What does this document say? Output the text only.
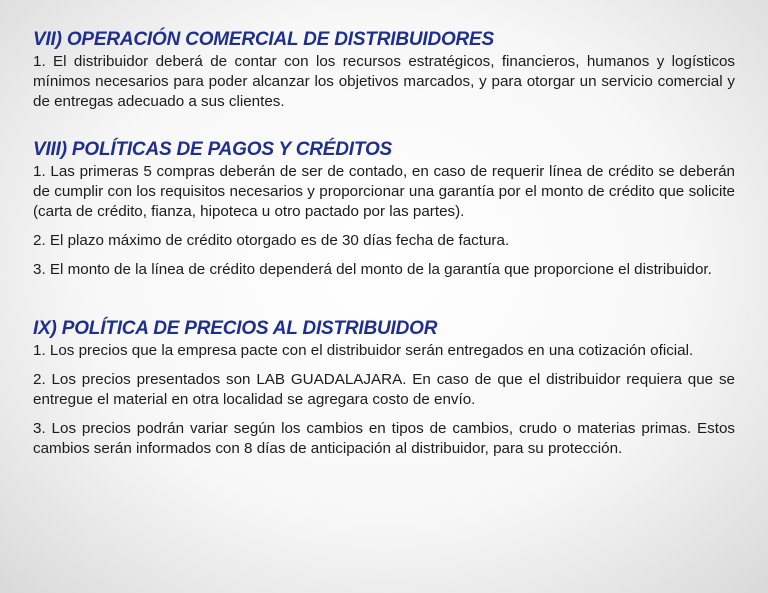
VII) OPERACIÓN COMERCIAL DE DISTRIBUIDORES

1. El distribuidor deberá de contar con los recursos estratégicos, financieros, humanos y logísticos mínimos necesarios para poder alcanzar los objetivos marcados, y para otorgar un servicio comercial y de entregas adecuado a sus clientes.

VIII) POLÍTICAS DE PAGOS Y CRÉDITOS

1. Las primeras 5 compras deberán de ser de contado, en caso de requerir línea de crédito se deberán de cumplir con los requisitos necesarios y proporcionar una garantía por el monto de crédito que solicite (carta de crédito, fianza, hipoteca u otro pactado por las partes).

2. El plazo máximo de crédito otorgado es de 30 días fecha de factura.

3. El monto de la línea de crédito dependerá del monto de la garantía que proporcione el distribuidor.

IX) POLÍTICA DE PRECIOS AL DISTRIBUIDOR

1. Los precios que la empresa pacte con el distribuidor serán entregados en una cotización oficial.

2. Los precios presentados son LAB GUADALAJARA. En caso de que el distribuidor requiera que se entregue el material en otra localidad se agregara costo de envío.

3. Los precios podrán variar según los cambios en tipos de cambios, crudo o materias primas. Estos cambios serán informados con 8 días de anticipación al distribuidor, para su protección.
